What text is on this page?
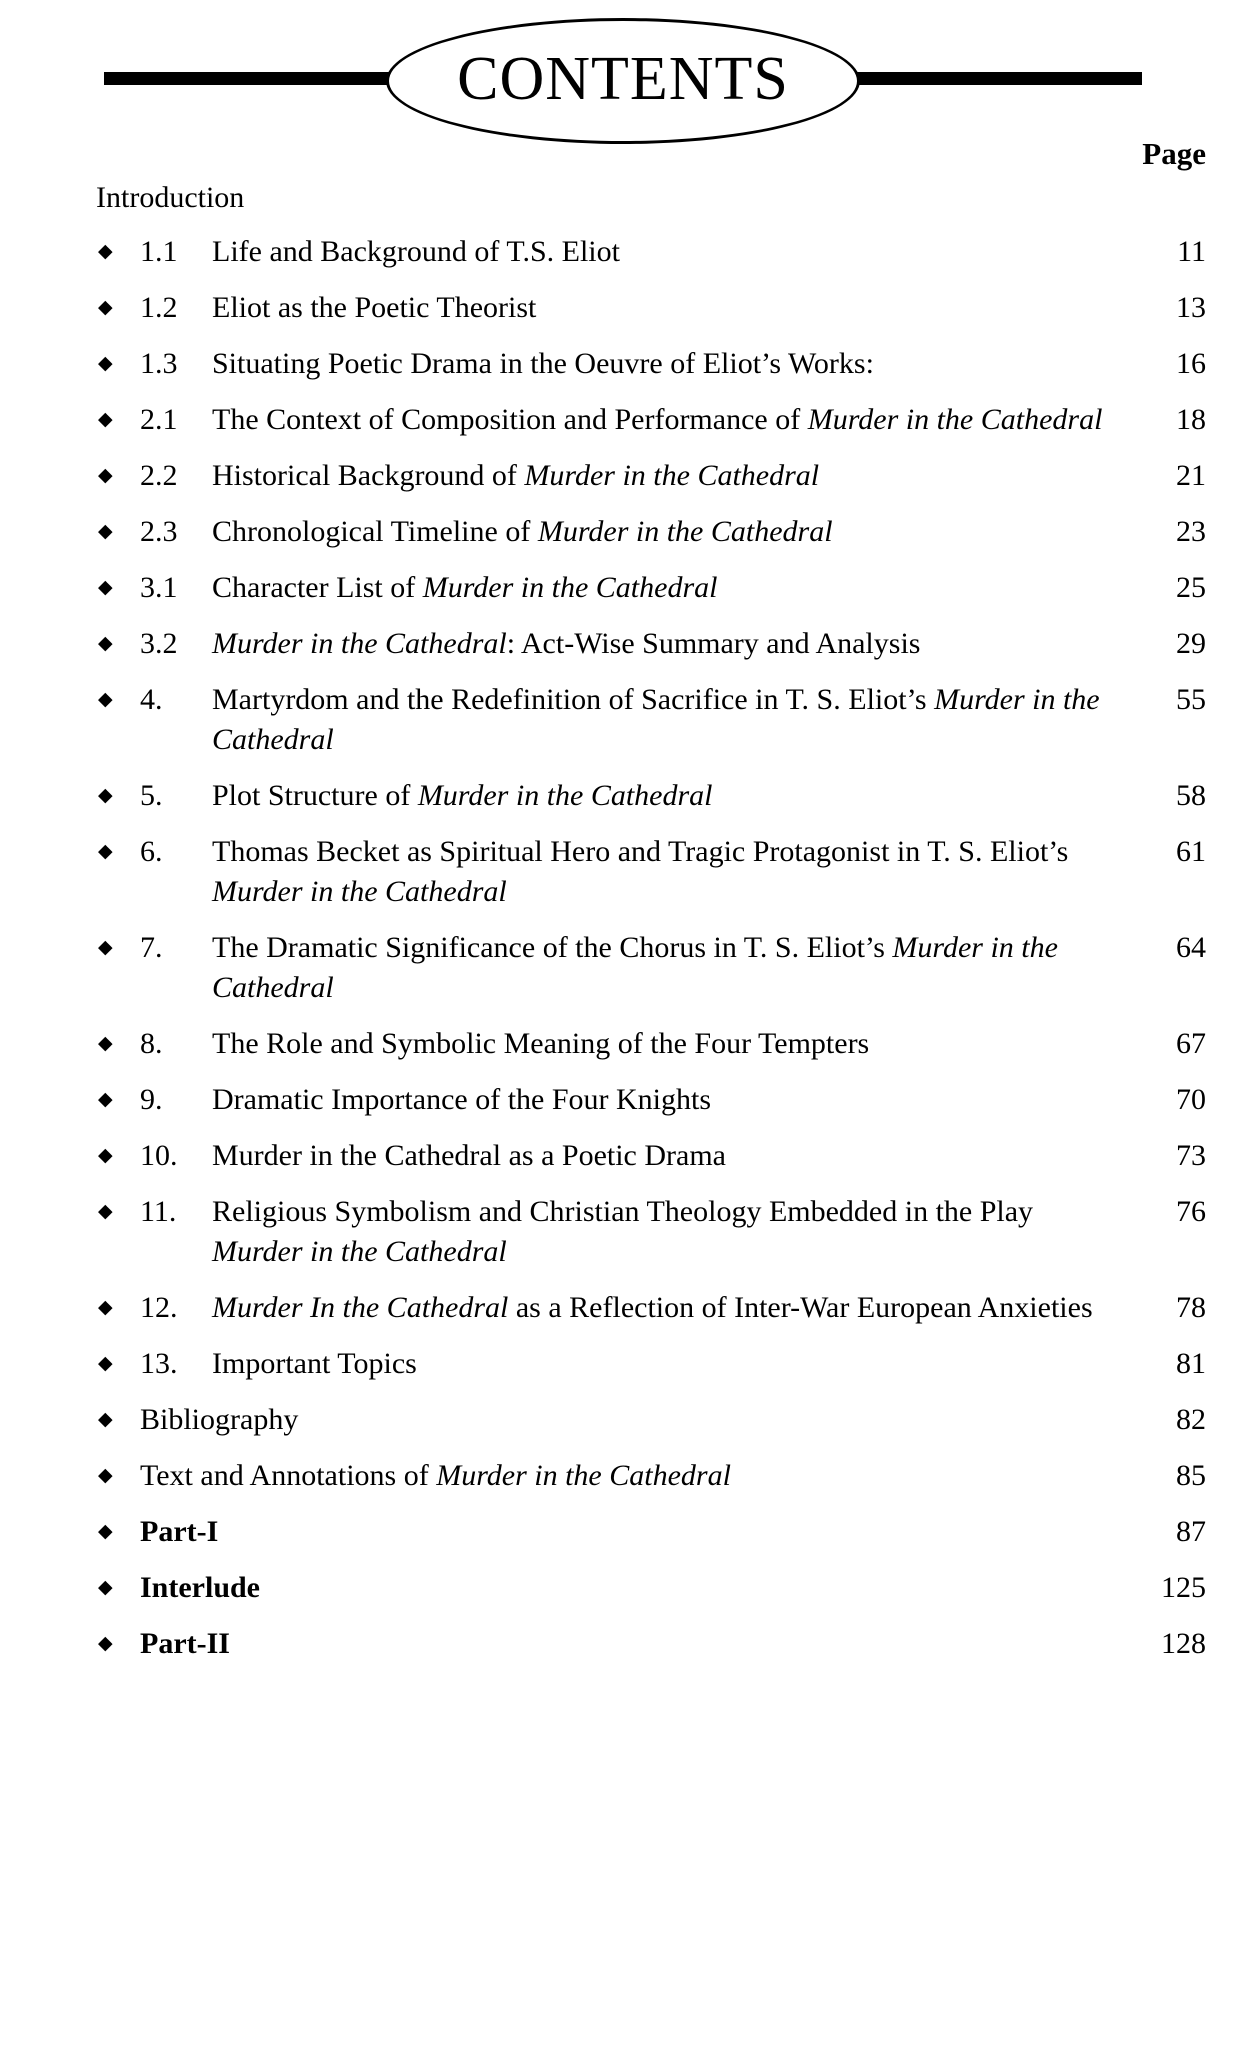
CONTENTS
Page
Introduction
◆ 1.1	Life and Background of T.S. Eliot	11
◆ 1.2	Eliot as the Poetic Theorist	13
◆ 1.3	Situating Poetic Drama in the Oeuvre of Eliot’s Works:	16
◆ 2.1	The Context of Composition and Performance of Murder in the Cathedral	18
◆ 2.2	Historical Background of Murder in the Cathedral	21
◆ 2.3	Chronological Timeline of Murder in the Cathedral	23
◆ 3.1	Character List of Murder in the Cathedral	25
◆ 3.2	Murder in the Cathedral: Act-Wise Summary and Analysis	29
◆ 4.	Martyrdom and the Redefinition of Sacrifice in T. S. Eliot’s Murder in the Cathedral
55
◆ 5.	Plot Structure of Murder in the Cathedral	58
◆ 6.	Thomas Becket as Spiritual Hero and Tragic Protagonist in T. S. Eliot’s Murder in the Cathedral
61
◆ 7.	The Dramatic Significance of the Chorus in T. S. Eliot’s Murder in the Cathedral
64
◆ 8.	The Role and Symbolic Meaning of the Four Tempters	67
◆ 9.	Dramatic Importance of the Four Knights	70
◆ 10.	Murder in the Cathedral as a Poetic Drama	73
◆ 11.	Religious Symbolism and Christian Theology Embedded in the Play Murder in the Cathedral
76
◆ 12.	Murder In the Cathedral as a Reflection of Inter-War European Anxieties	78
◆ 13.	Important Topics	81
◆ Bibliography	82
◆ Text and Annotations of Murder in the Cathedral	85
◆ Part-I	87
◆ Interlude	125
◆ Part-II	128
